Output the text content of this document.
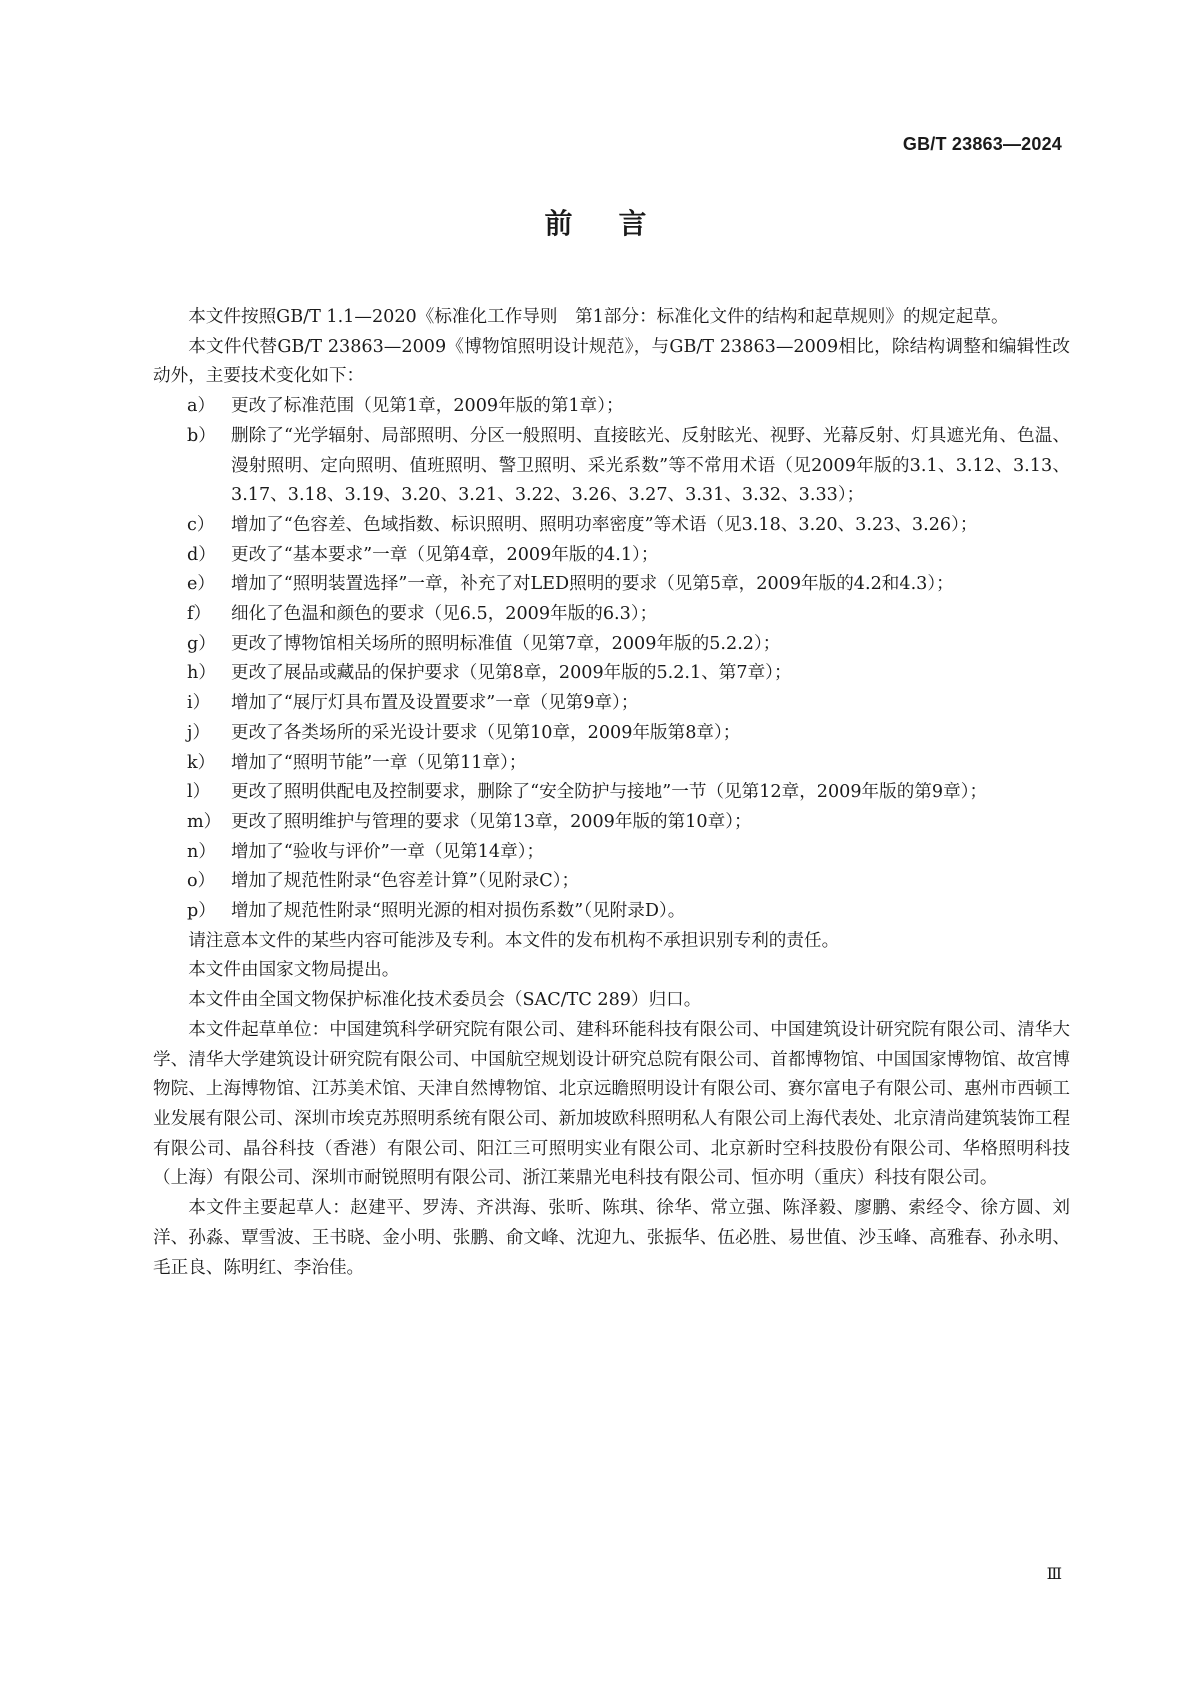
GB/T 23863—2024
前言

本文件按照GB/T 1.1—2020《标准化工作导则　第1部分：标准化文件的结构和起草规则》的规定起草。

本文件代替GB/T 23863—2009《博物馆照明设计规范》，与GB/T 23863—2009相比，除结构调整和编辑性改动外，主要技术变化如下：

a） 更改了标准范围（见第1章，2009年版的第1章）；
b） 删除了“光学辐射、局部照明、分区一般照明、直接眩光、反射眩光、视野、光幕反射、灯具遮光角、色温、漫射照明、定向照明、值班照明、警卫照明、采光系数”等不常用术语（见2009年版的3.1、3.12、3.13、3.17、3.18、3.19、3.20、3.21、3.22、3.26、3.27、3.31、3.32、3.33）；
c） 增加了“色容差、色域指数、标识照明、照明功率密度”等术语（见3.18、3.20、3.23、3.26）；
d） 更改了“基本要求”一章（见第4章，2009年版的4.1）；
e） 增加了“照明装置选择”一章，补充了对LED照明的要求（见第5章，2009年版的4.2和4.3）；
f）	细化了色温和颜色的要求（见6.5，2009年版的6.3）；
g） 更改了博物馆相关场所的照明标准值（见第7章，2009年版的5.2.2）；
h） 更改了展品或藏品的保护要求（见第8章，2009年版的5.2.1、第7章）；
i）	增加了“展厅灯具布置及设置要求”一章（见第9章）；
j）	更改了各类场所的采光设计要求（见第10章，2009年版第8章）；
k） 增加了“照明节能”一章（见第11章）；
l）	更改了照明供配电及控制要求，删除了“安全防护与接地”一节（见第12章，2009年版的第9章）；
m） 更改了照明维护与管理的要求（见第13章，2009年版的第10章）；
n） 增加了“验收与评价”一章（见第14章）；
o） 增加了规范性附录“色容差计算”（见附录C）；
p） 增加了规范性附录“照明光源的相对损伤系数”（见附录D）。

请注意本文件的某些内容可能涉及专利。本文件的发布机构不承担识别专利的责任。

本文件由国家文物局提出。

本文件由全国文物保护标准化技术委员会（SAC/TC 289）归口。

本文件起草单位：中国建筑科学研究院有限公司、建科环能科技有限公司、中国建筑设计研究院有限公司、清华大学、清华大学建筑设计研究院有限公司、中国航空规划设计研究总院有限公司、首都博物馆、中国国家博物馆、故宫博物院、上海博物馆、江苏美术馆、天津自然博物馆、北京远瞻照明设计有限公司、赛尔富电子有限公司、惠州市西顿工业发展有限公司、深圳市埃克苏照明系统有限公司、新加坡欧科照明私人有限公司上海代表处、北京清尚建筑装饰工程有限公司、晶谷科技（香港）有限公司、阳江三可照明实业有限公司、北京新时空科技股份有限公司、华格照明科技（上海）有限公司、深圳市耐锐照明有限公司、浙江莱鼎光电科技有限公司、恒亦明（重庆）科技有限公司。

本文件主要起草人：赵建平、罗涛、齐洪海、张昕、陈琪、徐华、常立强、陈泽毅、廖鹏、索经令、徐方圆、刘洋、孙淼、覃雪波、王书晓、金小明、张鹏、俞文峰、沈迎九、张振华、伍必胜、易世值、沙玉峰、高雅春、孙永明、毛正良、陈明红、李治佳。

Ⅲ
